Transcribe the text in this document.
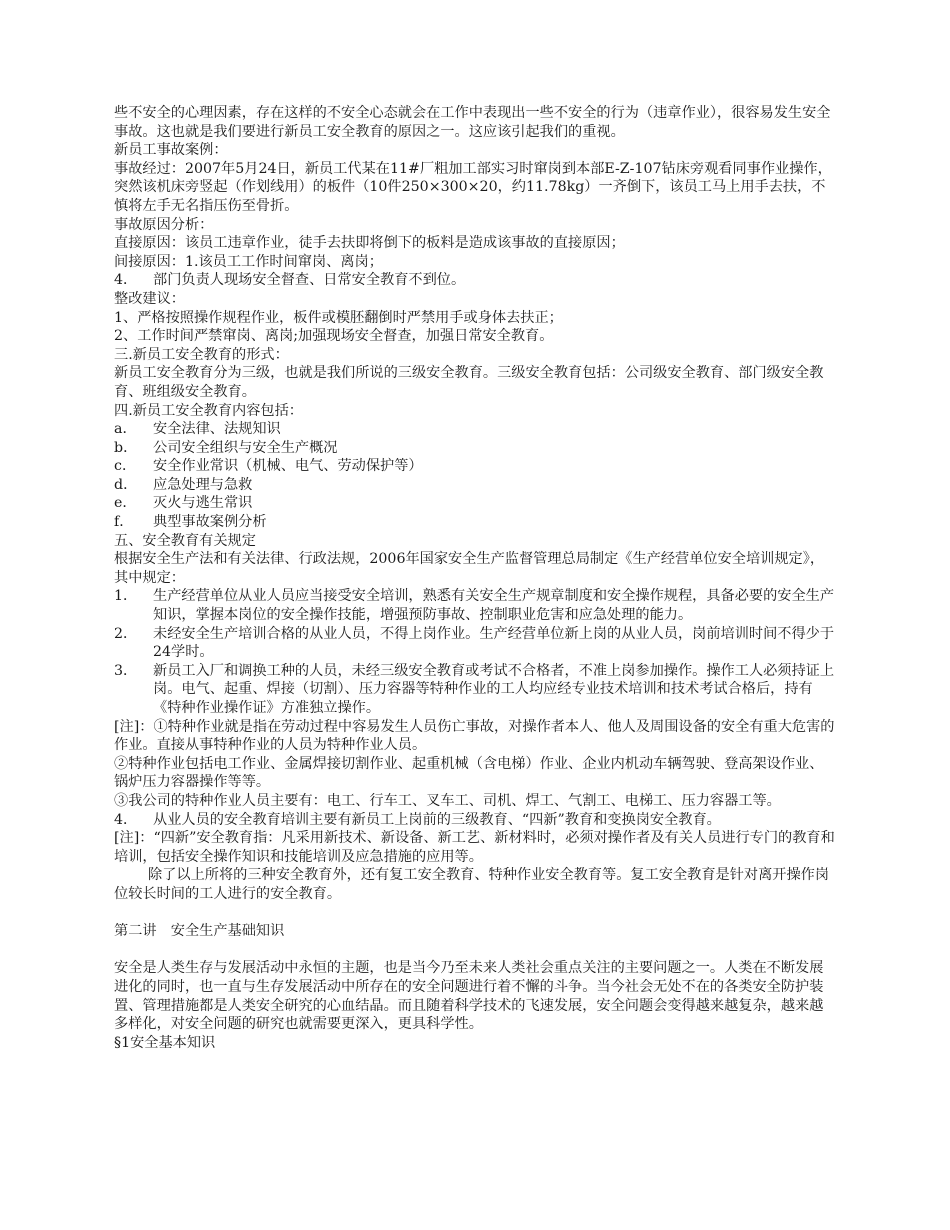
些不安全的心理因素，存在这样的不安全心态就会在工作中表现出一些不安全的行为（违章作业），很容易发生安全事故。这也就是我们要进行新员工安全教育的原因之一。这应该引起我们的重视。

新员工事故案例：

事故经过：2007年5月24日，新员工代某在11#厂粗加工部实习时窜岗到本部E-Z-107钻床旁观看同事作业操作，突然该机床旁竖起（作划线用）的板件（10件250×300×20，约11.78kg）一齐倒下，该员工马上用手去扶，不慎将左手无名指压伤至骨折。

事故原因分析：

直接原因：该员工违章作业，徒手去扶即将倒下的板料是造成该事故的直接原因；

间接原因：1.该员工工作时间窜岗、离岗；

4．	部门负责人现场安全督查、日常安全教育不到位。

整改建议：

1、严格按照操作规程作业，板件或模胚翻倒时严禁用手或身体去扶正；

2、工作时间严禁窜岗、离岗;加强现场安全督查，加强日常安全教育。

三.新员工安全教育的形式：

新员工安全教育分为三级，也就是我们所说的三级安全教育。三级安全教育包括：公司级安全教育、部门级安全教育、班组级安全教育。

四.新员工安全教育内容包括：

a．	安全法律、法规知识
b．	公司安全组织与安全生产概况
c．	安全作业常识（机械、电气、劳动保护等）
d．	应急处理与急救
e．	灭火与逃生常识
f．	典型事故案例分析

五、安全教育有关规定

根据安全生产法和有关法律、行政法规，2006年国家安全生产监督管理总局制定《生产经营单位安全培训规定》，其中规定：

1．	生产经营单位从业人员应当接受安全培训，熟悉有关安全生产规章制度和安全操作规程，具备必要的安全生产知识，掌握本岗位的安全操作技能，增强预防事故、控制职业危害和应急处理的能力。
2．	未经安全生产培训合格的从业人员，不得上岗作业。生产经营单位新上岗的从业人员，岗前培训时间不得少于24学时。
3．	新员工入厂和调换工种的人员，未经三级安全教育或考试不合格者，不准上岗参加操作。操作工人必须持证上岗。电气、起重、焊接（切割）、压力容器等特种作业的工人均应经专业技术培训和技术考试合格后，持有《特种作业操作证》方准独立操作。

[注]：①特种作业就是指在劳动过程中容易发生人员伤亡事故，对操作者本人、他人及周围设备的安全有重大危害的作业。直接从事特种作业的人员为特种作业人员。

②特种作业包括电工作业、金属焊接切割作业、起重机械（含电梯）作业、企业内机动车辆驾驶、登高架设作业、锅炉压力容器操作等等。

③我公司的特种作业人员主要有：电工、行车工、叉车工、司机、焊工、气割工、电梯工、压力容器工等。

4．	从业人员的安全教育培训主要有新员工上岗前的三级教育、“四新”教育和变换岗安全教育。

[注]：“四新”安全教育指：凡采用新技术、新设备、新工艺、新材料时，必须对操作者及有关人员进行专门的教育和培训，包括安全操作知识和技能培训及应急措施的应用等。

除了以上所将的三种安全教育外，还有复工安全教育、特种作业安全教育等。复工安全教育是针对离开操作岗位较长时间的工人进行的安全教育。

第二讲　安全生产基础知识

安全是人类生存与发展活动中永恒的主题，也是当今乃至未来人类社会重点关注的主要问题之一。人类在不断发展进化的同时，也一直与生存发展活动中所存在的安全问题进行着不懈的斗争。当今社会无处不在的各类安全防护装置、管理措施都是人类安全研究的心血结晶。而且随着科学技术的飞速发展，安全问题会变得越来越复杂，越来越多样化，对安全问题的研究也就需要更深入，更具科学性。

§1安全基本知识
